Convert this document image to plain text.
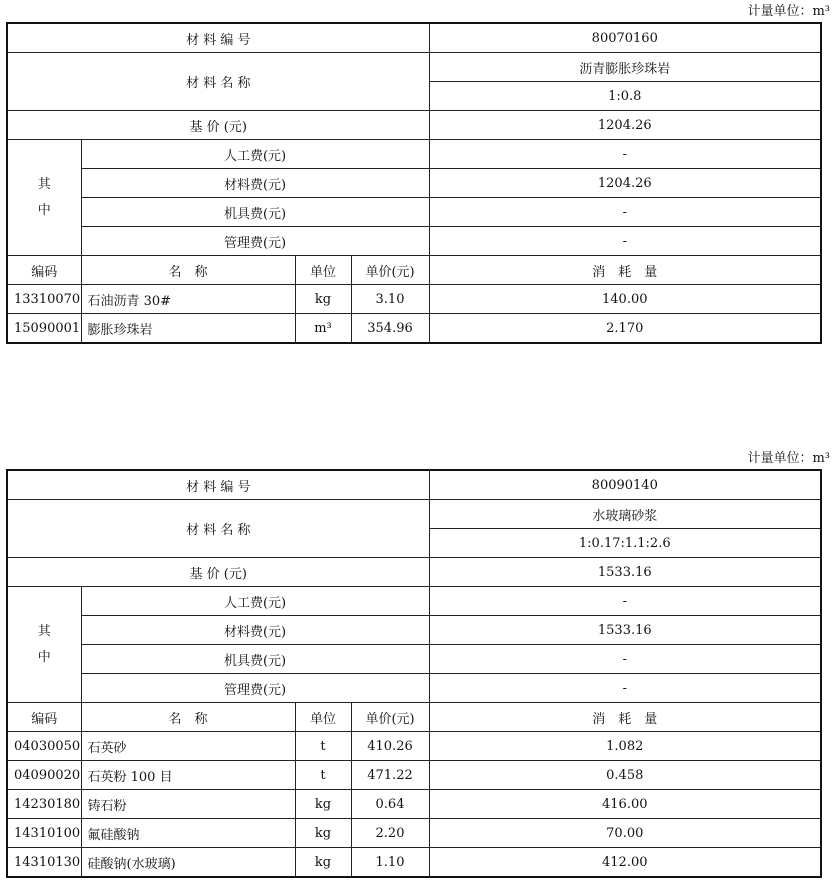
计量单位：m³
材 料 编 号				80070160
材 料 名 称				沥青膨胀珍珠岩
				1:0.8
基 价 (元)				1204.26
其
中	人工费(元)			-
	材料费(元)			1204.26
	机具费(元)			-
	管理费(元)			-
编码	名　称	单位	单价(元)	消　耗　量
13310070	石油沥青 30#	kg	3.10	140.00
15090001	膨胀珍珠岩	m³	354.96	2.170
计量单位：m³
材 料 编 号				80090140
材 料 名 称				水玻璃砂浆
				1:0.17:1.1:2.6
基 价 (元)				1533.16
其
中	人工费(元)			-
	材料费(元)			1533.16
	机具费(元)			-
	管理费(元)			-
编码	名　称	单位	单价(元)	消　耗　量
04030050	石英砂	t	410.26	1.082
04090020	石英粉 100 目	t	471.22	0.458
14230180	铸石粉	kg	0.64	416.00
14310100	氟硅酸钠	kg	2.20	70.00
14310130	硅酸钠(水玻璃)	kg	1.10	412.00
